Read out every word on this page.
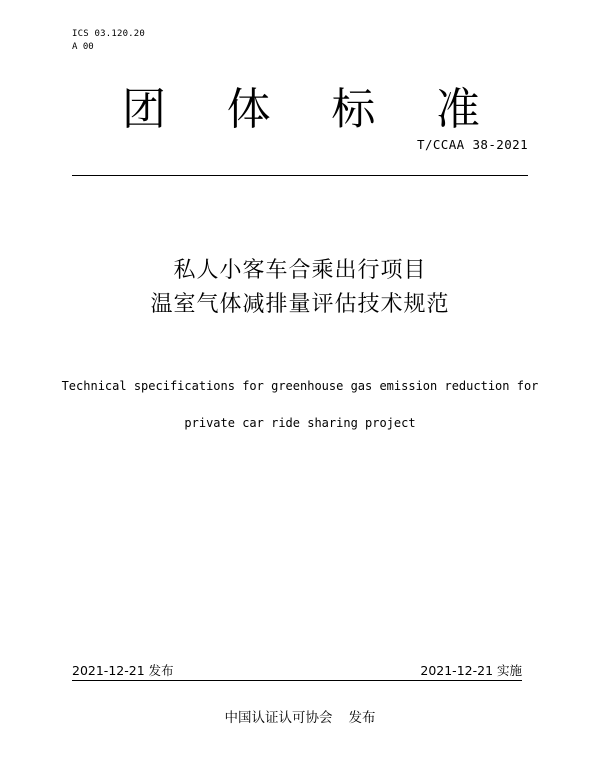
ICS 03.120.20
A 00
团 体 标 准
T/CCAA 38-2021
私人小客车合乘出行项目
温室气体减排量评估技术规范
Technical specifications for greenhouse gas emission reduction for
private car ride sharing project
2021-12-21 发布	2021-12-21 实施
中国认证认可协会 发布
